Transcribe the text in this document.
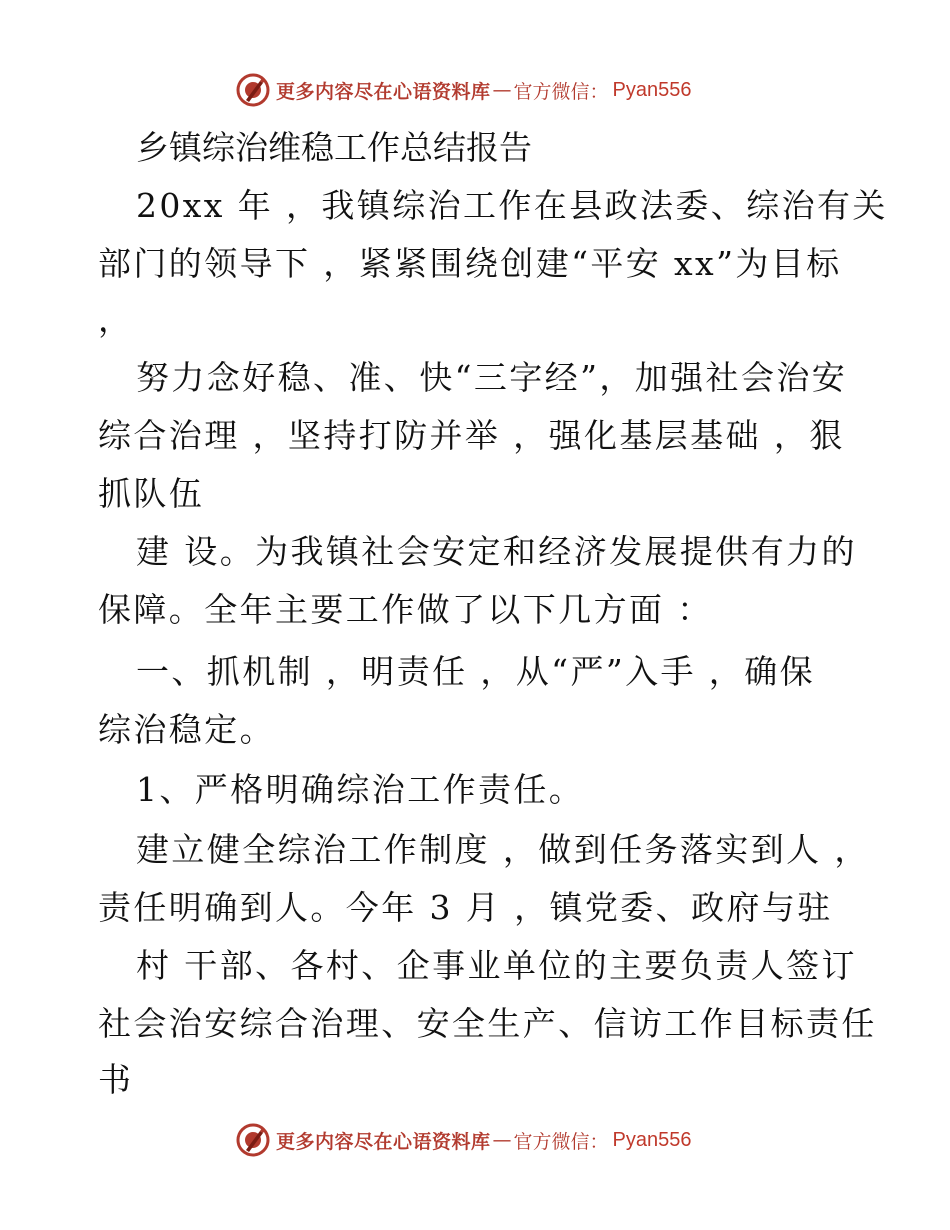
更多内容尽在心语资料库 — 官方微信： Pyan556
乡镇综治维稳工作总结报告
20xx 年 ，我镇综治工作在县政法委、综治有关
部门的领导下 ，紧紧围绕创建“平安 xx”为目标
，
努力念好稳、准、快“三字经”，加强社会治安
综合治理 ，坚持打防并举 ，强化基层基础 ，狠
抓队伍
建 设。为我镇社会安定和经济发展提供有力的
保障。全年主要工作做了以下几方面 ：
一、抓机制 ，明责任 ，从“严”入手 ，确保
综治稳定。
1、严格明确综治工作责任。
建立健全综治工作制度 ，做到任务落实到人 ，
责任明确到人。今年 3 月 ，镇党委、政府与驻
村 干部、各村、企事业单位的主要负责人签订
社会治安综合治理、安全生产、信访工作目标责任
书
更多内容尽在心语资料库 — 官方微信： Pyan556
